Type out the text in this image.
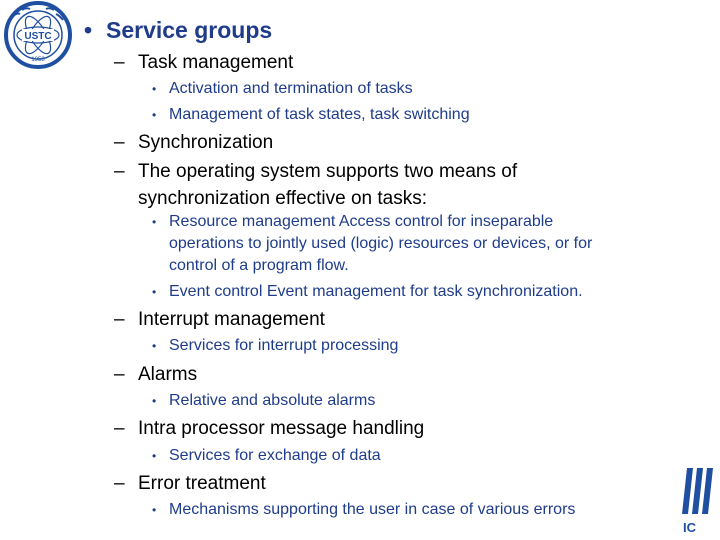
USTC
1958
• Service groups
– Task management
• Activation and termination of tasks
• Management of task states, task switching
– Synchronization
– The operating system supports two means of
synchronization effective on tasks:
• Resource management Access control for inseparable
operations to jointly used (logic) resources or devices, or for
control of a program flow.
• Event control Event management for task synchronization.
– Interrupt management
• Services for interrupt processing
– Alarms
• Relative and absolute alarms
– Intra processor message handling
• Services for exchange of data
– Error treatment
• Mechanisms supporting the user in case of various errors
IC
